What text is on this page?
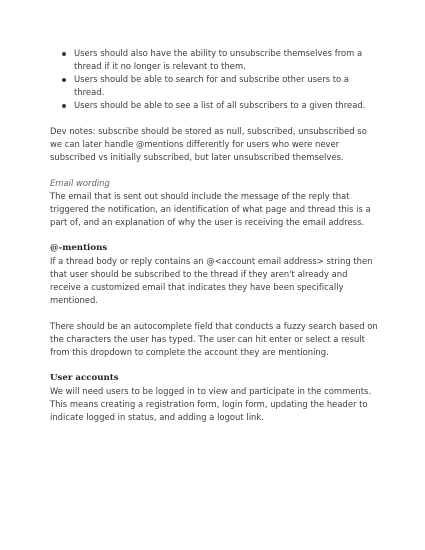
Users should also have the ability to unsubscribe themselves from a thread if it no longer is relevant to them.
Users should be able to search for and subscribe other users to a thread.
Users should be able to see a list of all subscribers to a given thread.

Dev notes: subscribe should be stored as null, subscribed, unsubscribed so we can later handle @mentions differently for users who were never subscribed vs initially subscribed, but later unsubscribed themselves.

Email wording

The email that is sent out should include the message of the reply that triggered the notification, an identification of what page and thread this is a part of, and an explanation of why the user is receiving the email address.

@-mentions

If a thread body or reply contains an @<account email address> string then that user should be subscribed to the thread if they aren't already and receive a customized email that indicates they have been specifically mentioned.

There should be an autocomplete field that conducts a fuzzy search based on the characters the user has typed. The user can hit enter or select a result from this dropdown to complete the account they are mentioning.

User accounts

We will need users to be logged in to view and participate in the comments. This means creating a registration form, login form, updating the header to indicate logged in status, and adding a logout link.
